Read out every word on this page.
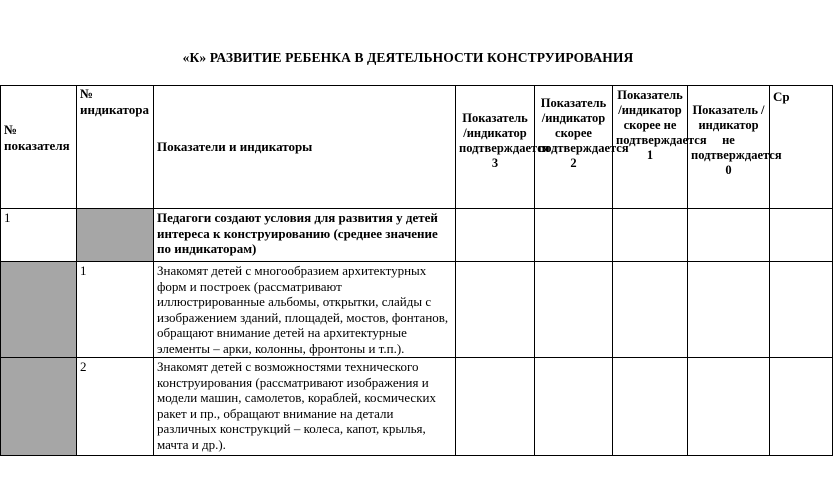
«К» РАЗВИТИЕ РЕБЕНКА В ДЕЯТЕЛЬНОСТИ КОНСТРУИРОВАНИЯ
№ показателя	№ индикатора	Показатели и индикаторы	Показатель /индикатор подтверждается 3	Показатель /индикатор скорее подтверждается 2	Показатель /индикатор скорее не подтверждается 1	Показатель /индикатор не подтверждается 0	Ср
1		Педагоги создают условия для развития у детей интереса к конструированию (среднее значение по индикаторам)					
	1	Знакомят детей с многообразием архитектурных форм и построек (рассматривают иллюстрированные альбомы, открытки, слайды с изображением зданий, площадей, мостов, фонтанов, обращают внимание детей на архитектурные элементы – арки, колонны, фронтоны и т.п.).					
	2	Знакомят детей с возможностями технического конструирования (рассматривают изображения и модели машин, самолетов, кораблей, космических ракет и пр., обращают внимание на детали различных конструкций – колеса, капот, крылья, мачта и др.).					
